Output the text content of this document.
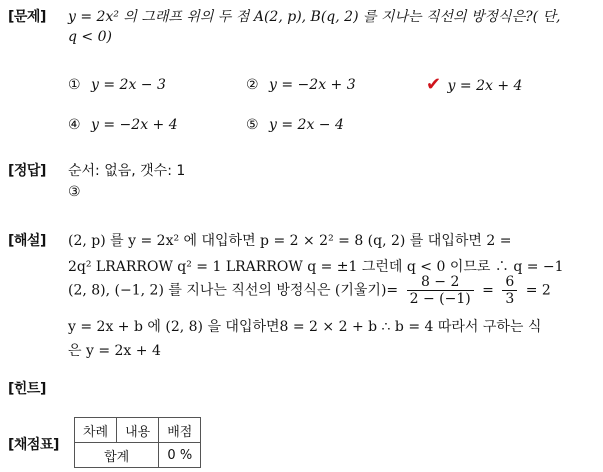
[문제]
[정답]
[해설]
[힌트]
[채점표]
y = 2x² 의 그래프 위의 두 점 A(2, p), B(q, 2) 를 지나는 직선의 방정식은?( 단,
q < 0)
① y = 2x − 3	② y = −2x + 3	✔ y = 2x + 4
④ y = −2x + 4	⑤ y = 2x − 4
순서: 없음, 갯수: 1
③
(2, p) 를 y = 2x² 에 대입하면 p = 2 × 2² = 8 (q, 2) 를 대입하면 2 =
2q² LRARROW q² = 1 LRARROW q = ±1 그런데 q < 0 이므로 ∴ q = −1
(2, 8), (−1, 2) 를 지나는 직선의 방정식은 (기울기)= $\frac{8 - 2}{2 - (-1)} = \frac{6}{3} = 2$
y = 2x + b 에 (2, 8) 을 대입하면8 = 2 × 2 + b ∴ b = 4 따라서 구하는 식
은 y = 2x + 4
차례	내용	배점
합계		0 %
